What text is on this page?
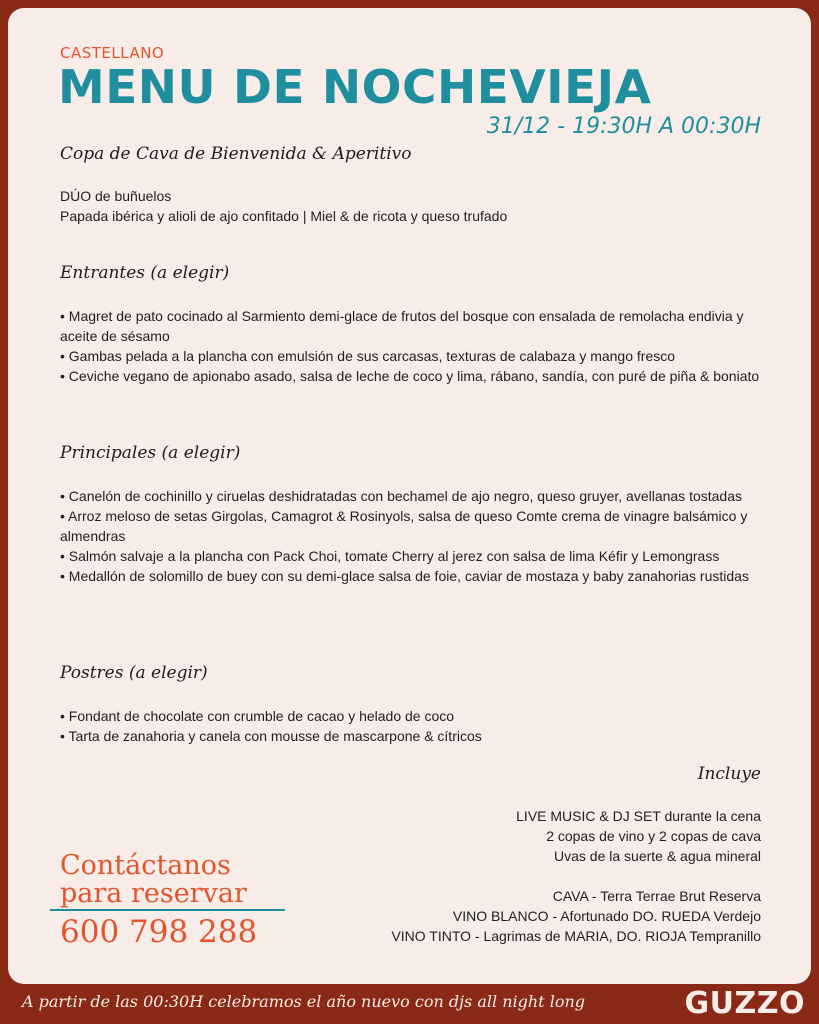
CASTELLANO
MENU DE NOCHEVIEJA
31/12 - 19:30H A 00:30H
Copa de Cava de Bienvenida & Aperitivo

DÚO de buñuelos

Papada ibérica y alioli de ajo confitado | Miel & de ricota y queso trufado

Entrantes (a elegir)

• Magret de pato cocinado al Sarmiento demi-glace de frutos del bosque con ensalada de remolacha endivia y aceite de sésamo

• Gambas pelada a la plancha con emulsión de sus carcasas, texturas de calabaza y mango fresco

• Ceviche vegano de apionabo asado, salsa de leche de coco y lima, rábano, sandía, con puré de piña & boniato

Principales (a elegir)

• Canelón de cochinillo y ciruelas deshidratadas con bechamel de ajo negro, queso gruyer, avellanas tostadas

• Arroz meloso de setas Girgolas, Camagrot & Rosinyols, salsa de queso Comte crema de vinagre balsámico y almendras

• Salmón salvaje a la plancha con Pack Choi, tomate Cherry al jerez con salsa de lima Kéfir y Lemongrass

• Medallón de solomillo de buey con su demi-glace salsa de foie, caviar de mostaza y baby zanahorias rustidas

Postres (a elegir)

• Fondant de chocolate con crumble de cacao y helado de coco

• Tarta de zanahoria y canela con mousse de mascarpone & cítricos

Incluye

LIVE MUSIC & DJ SET durante la cena

2 copas de vino y 2 copas de cava

Uvas de la suerte & agua mineral

CAVA - Terra Terrae Brut Reserva

VINO BLANCO - Afortunado DO. RUEDA Verdejo

VINO TINTO - Lagrimas de MARIA, DO. RIOJA Tempranillo

Contáctanos
para reservar
600 798 288
A partir de las 00:30H celebramos el año nuevo con djs all night long	GUZZO
